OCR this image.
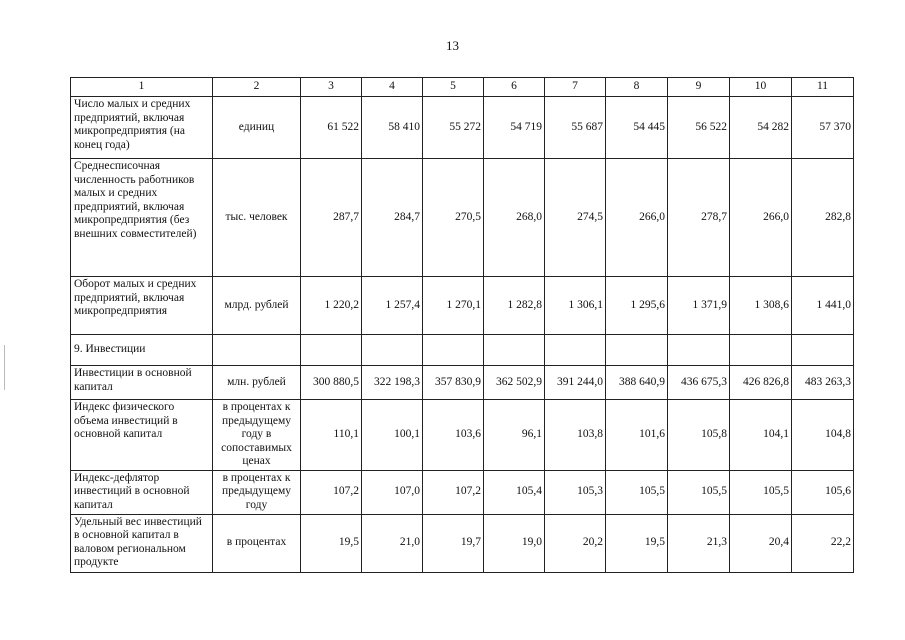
13
1	2	3	4	5	6	7	8	9	10	11
Число малых и средних предприятий, включая микропредприятия (на конец года)	единиц	61 522	58 410	55 272	54 719	55 687	54 445	56 522	54 282	57 370
Среднесписочная численность работников малых и средних предприятий, включая микропредприятия (без внешних совместителей)	тыс. человек	287,7	284,7	270,5	268,0	274,5	266,0	278,7	266,0	282,8
Оборот малых и средних предприятий, включая микропредприятия	млрд. рублей	1 220,2	1 257,4	1 270,1	1 282,8	1 306,1	1 295,6	1 371,9	1 308,6	1 441,0
9. Инвестиции										
Инвестиции в основной капитал	млн. рублей	300 880,5	322 198,3	357 830,9	362 502,9	391 244,0	388 640,9	436 675,3	426 826,8	483 263,3
Индекс физического объема инвестиций в основной капитал	в процентах к предыдущему году в сопоставимых ценах	110,1	100,1	103,6	96,1	103,8	101,6	105,8	104,1	104,8
Индекс-дефлятор инвестиций в основной капитал	в процентах к предыдущему году	107,2	107,0	107,2	105,4	105,3	105,5	105,5	105,5	105,6
Удельный вес инвестиций в основной капитал в валовом региональном продукте	в процентах	19,5	21,0	19,7	19,0	20,2	19,5	21,3	20,4	22,2
